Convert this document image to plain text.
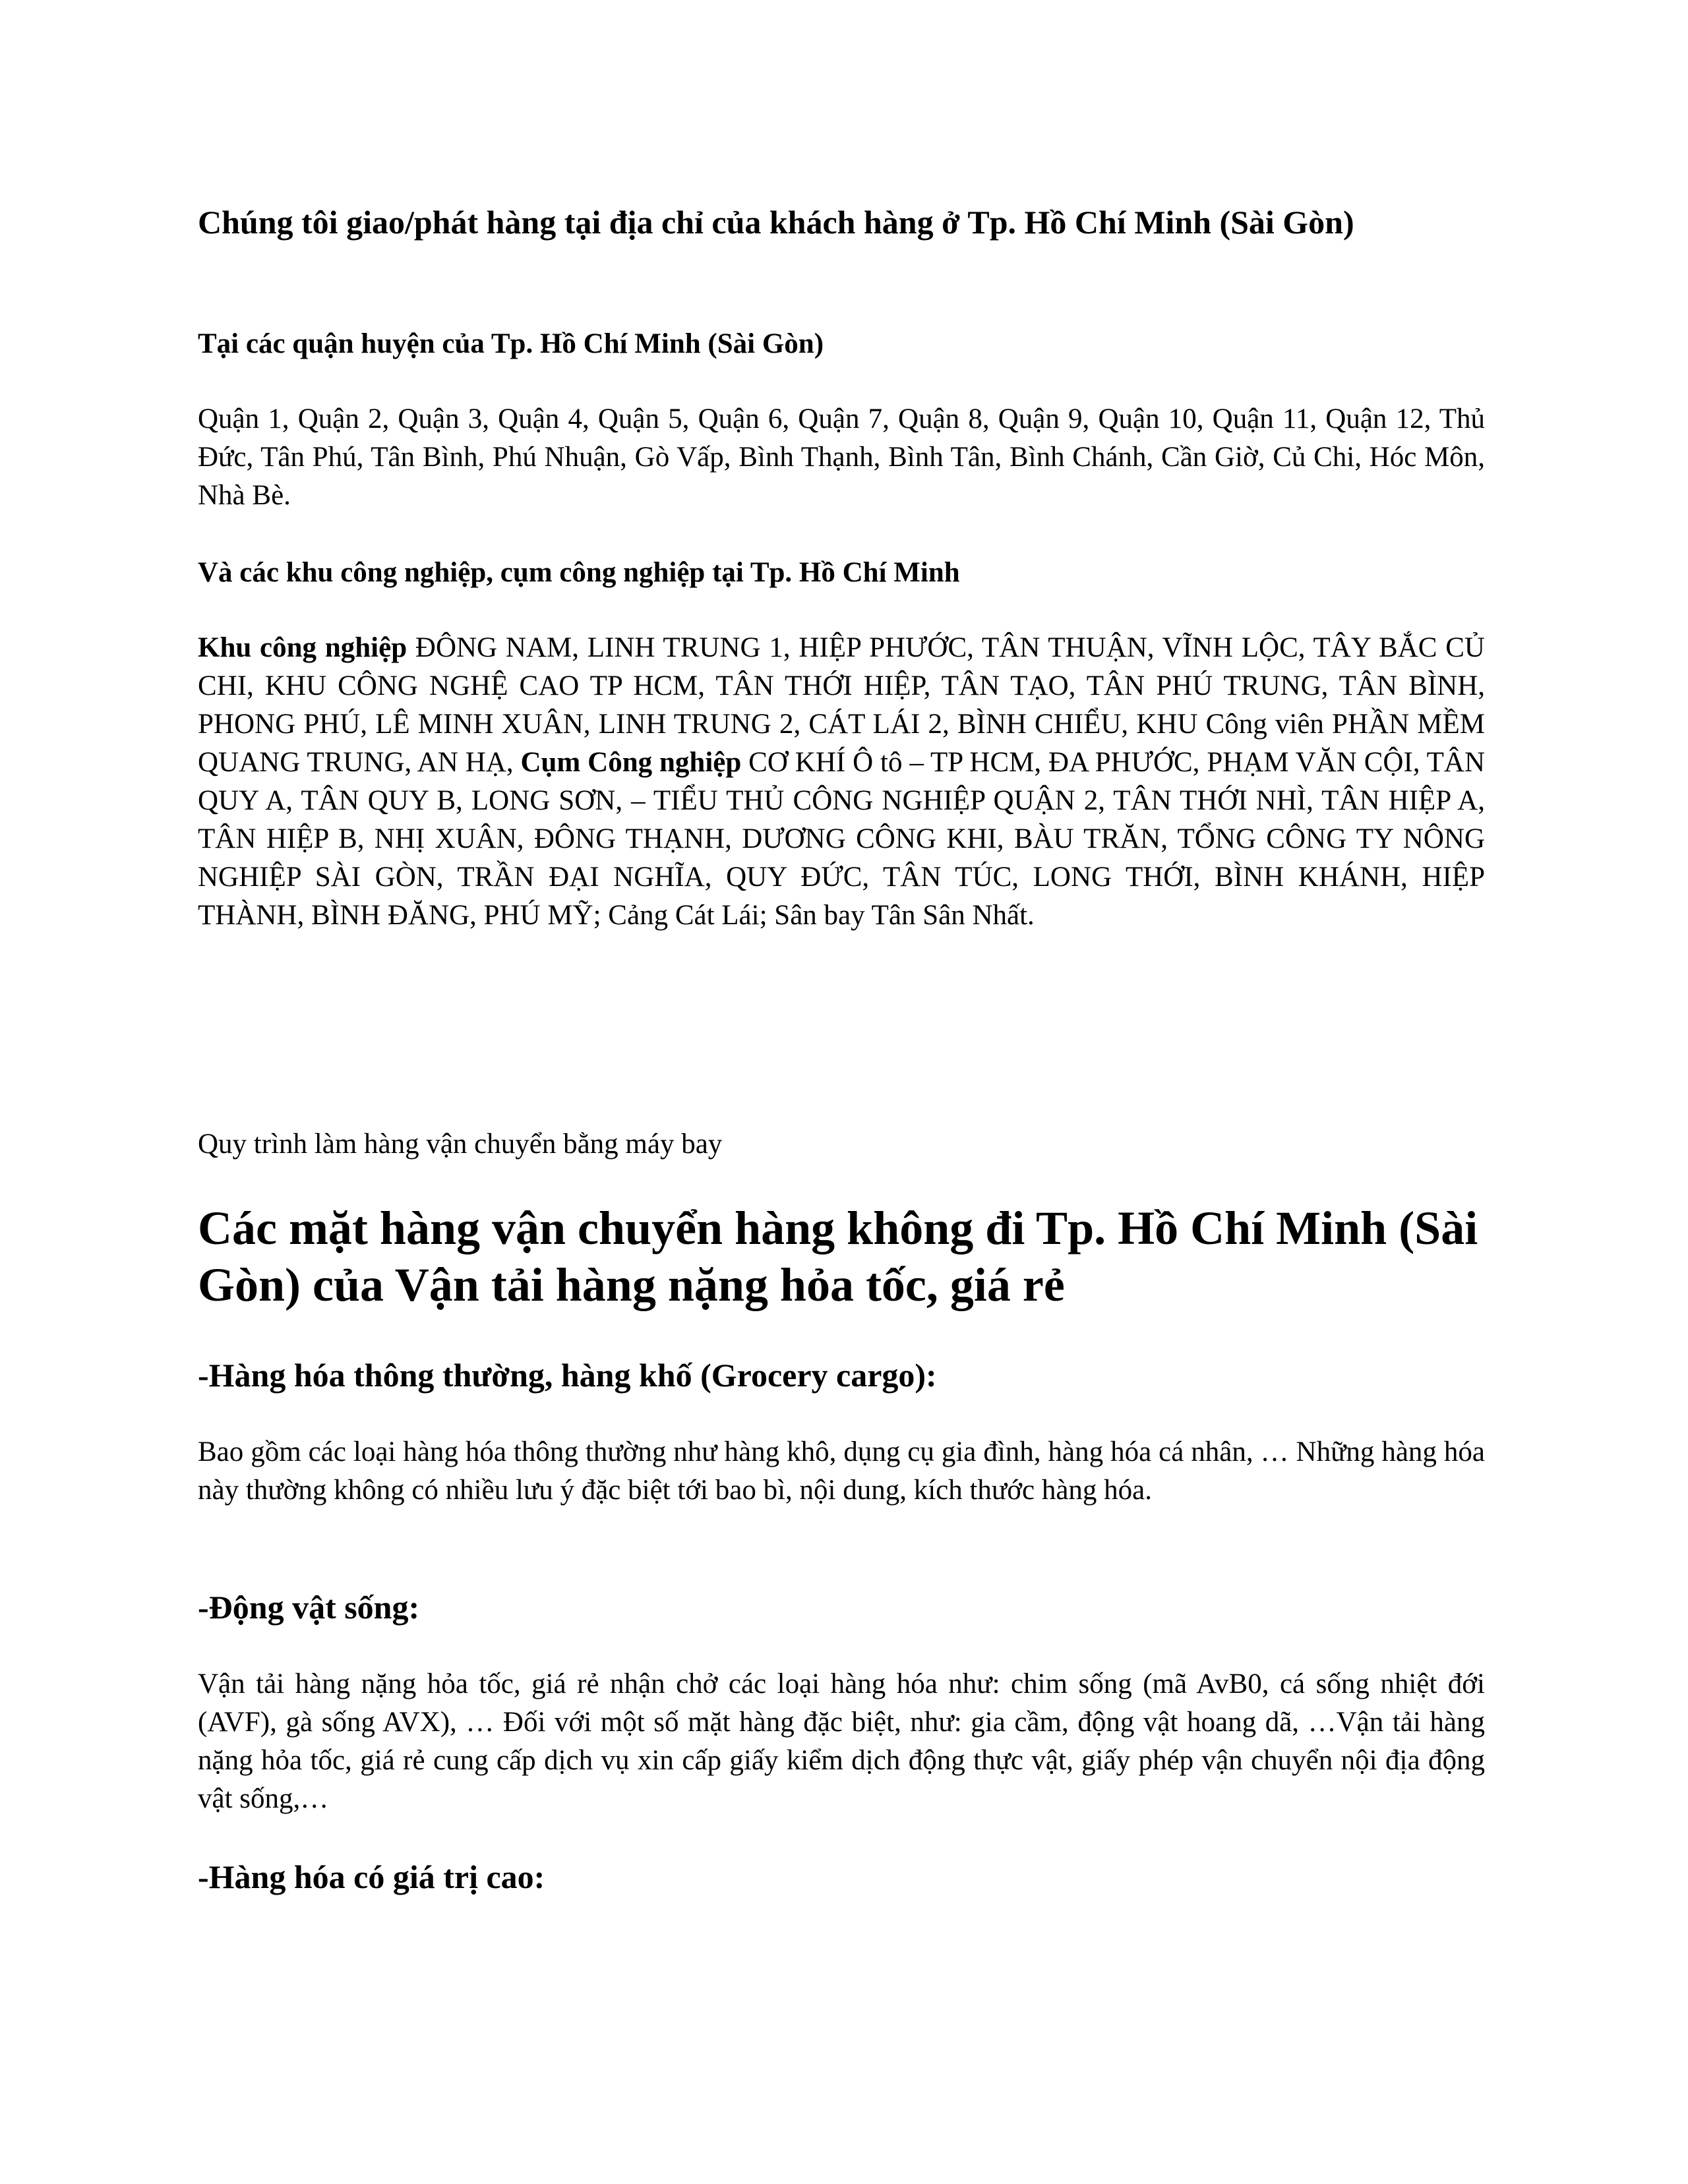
Chúng tôi giao/phát hàng tại địa chỉ của khách hàng ở Tp. Hồ Chí Minh (Sài Gòn)
Tại các quận huyện của Tp. Hồ Chí Minh (Sài Gòn)

Quận 1, Quận 2, Quận 3, Quận 4, Quận 5, Quận 6, Quận 7, Quận 8, Quận 9, Quận 10, Quận 11, Quận 12, Thủ Đức, Tân Phú, Tân Bình, Phú Nhuận, Gò Vấp, Bình Thạnh, Bình Tân, Bình Chánh, Cần Giờ, Củ Chi, Hóc Môn, Nhà Bè.

Và các khu công nghiệp, cụm công nghiệp tại Tp. Hồ Chí Minh

Khu công nghiệp ĐÔNG NAM, LINH TRUNG 1, HIỆP PHƯỚC, TÂN THUẬN, VĨNH LỘC, TÂY BẮC CỦ CHI, KHU CÔNG NGHỆ CAO TP HCM, TÂN THỚI HIỆP, TÂN TẠO, TÂN PHÚ TRUNG, TÂN BÌNH, PHONG PHÚ, LÊ MINH XUÂN, LINH TRUNG 2, CÁT LÁI 2, BÌNH CHIỂU, KHU Công viên PHẦN MỀM QUANG TRUNG, AN HẠ, Cụm Công nghiệp CƠ KHÍ Ô tô – TP HCM, ĐA PHƯỚC, PHẠM VĂN CỘI, TÂN QUY A, TÂN QUY B, LONG SƠN, – TIỂU THỦ CÔNG NGHIỆP QUẬN 2, TÂN THỚI NHÌ, TÂN HIỆP A, TÂN HIỆP B, NHỊ XUÂN, ĐÔNG THẠNH, DƯƠNG CÔNG KHI, BÀU TRĂN, TỔNG CÔNG TY NÔNG NGHIỆP SÀI GÒN, TRẦN ĐẠI NGHĨA, QUY ĐỨC, TÂN TÚC, LONG THỚI, BÌNH KHÁNH, HIỆP THÀNH, BÌNH ĐĂNG, PHÚ MỸ; Cảng Cát Lái; Sân bay Tân Sân Nhất.

Quy trình làm hàng vận chuyển bằng máy bay

Các mặt hàng vận chuyển hàng không đi Tp. Hồ Chí Minh (Sài Gòn) của Vận tải hàng nặng hỏa tốc, giá rẻ
-Hàng hóa thông thường, hàng khố (Grocery cargo):

Bao gồm các loại hàng hóa thông thường như hàng khô, dụng cụ gia đình, hàng hóa cá nhân, … Những hàng hóa này thường không có nhiều lưu ý đặc biệt tới bao bì, nội dung, kích thước hàng hóa.

-Động vật sống:

Vận tải hàng nặng hỏa tốc, giá rẻ nhận chở các loại hàng hóa như: chim sống (mã AvB0, cá sống nhiệt đới (AVF), gà sống AVX), … Đối với một số mặt hàng đặc biệt, như: gia cầm, động vật hoang dã, …Vận tải hàng nặng hỏa tốc, giá rẻ cung cấp dịch vụ xin cấp giấy kiểm dịch động thực vật, giấy phép vận chuyển nội địa động vật sống,…

-Hàng hóa có giá trị cao:
